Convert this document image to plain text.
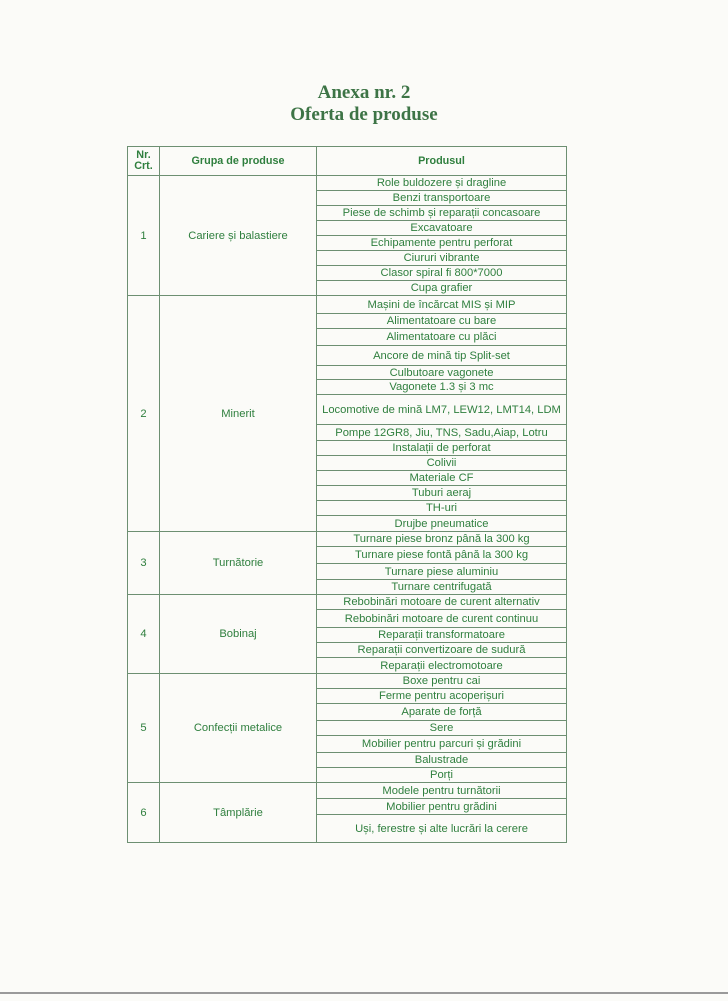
Anexa nr. 2
Oferta de produse
Nr. Crt.	Grupa de produse	Produsul
1	Cariere și balastiere	Role buldozere și dragline
		Benzi transportoare
		Piese de schimb și reparații concasoare
		Excavatoare
		Echipamente pentru perforat
		Ciururi vibrante
		Clasor spiral fi 800*7000
		Cupa grafier
2	Minerit	Mașini de încărcat MIS și MIP
		Alimentatoare cu bare
		Alimentatoare cu plăci
		Ancore de mină tip Split-set
		Culbutoare vagonete
		Vagonete 1.3 și 3 mc
		Locomotive de mină LM7, LEW12, LMT14, LDM
		Pompe 12GR8, Jiu, TNS, Sadu,Aiap, Lotru
		Instalații de perforat
		Colivii
		Materiale CF
		Tuburi aeraj
		TH-uri
		Drujbe pneumatice
3	Turnătorie	Turnare piese bronz până la 300 kg
		Turnare piese fontă până la 300 kg
		Turnare piese aluminiu
		Turnare centrifugată
4	Bobinaj	Rebobinări motoare de curent alternativ
		Rebobinări motoare de curent continuu
		Reparații transformatoare
		Reparații convertizoare de sudură
		Reparații electromotoare
5	Confecții metalice	Boxe pentru cai
		Ferme pentru acoperișuri
		Aparate de forță
		Sere
		Mobilier pentru parcuri și grădini
		Balustrade
		Porți
6	Tâmplărie	Modele pentru turnătorii
		Mobilier pentru grădini
		Uși, ferestre și alte lucrări la cerere
